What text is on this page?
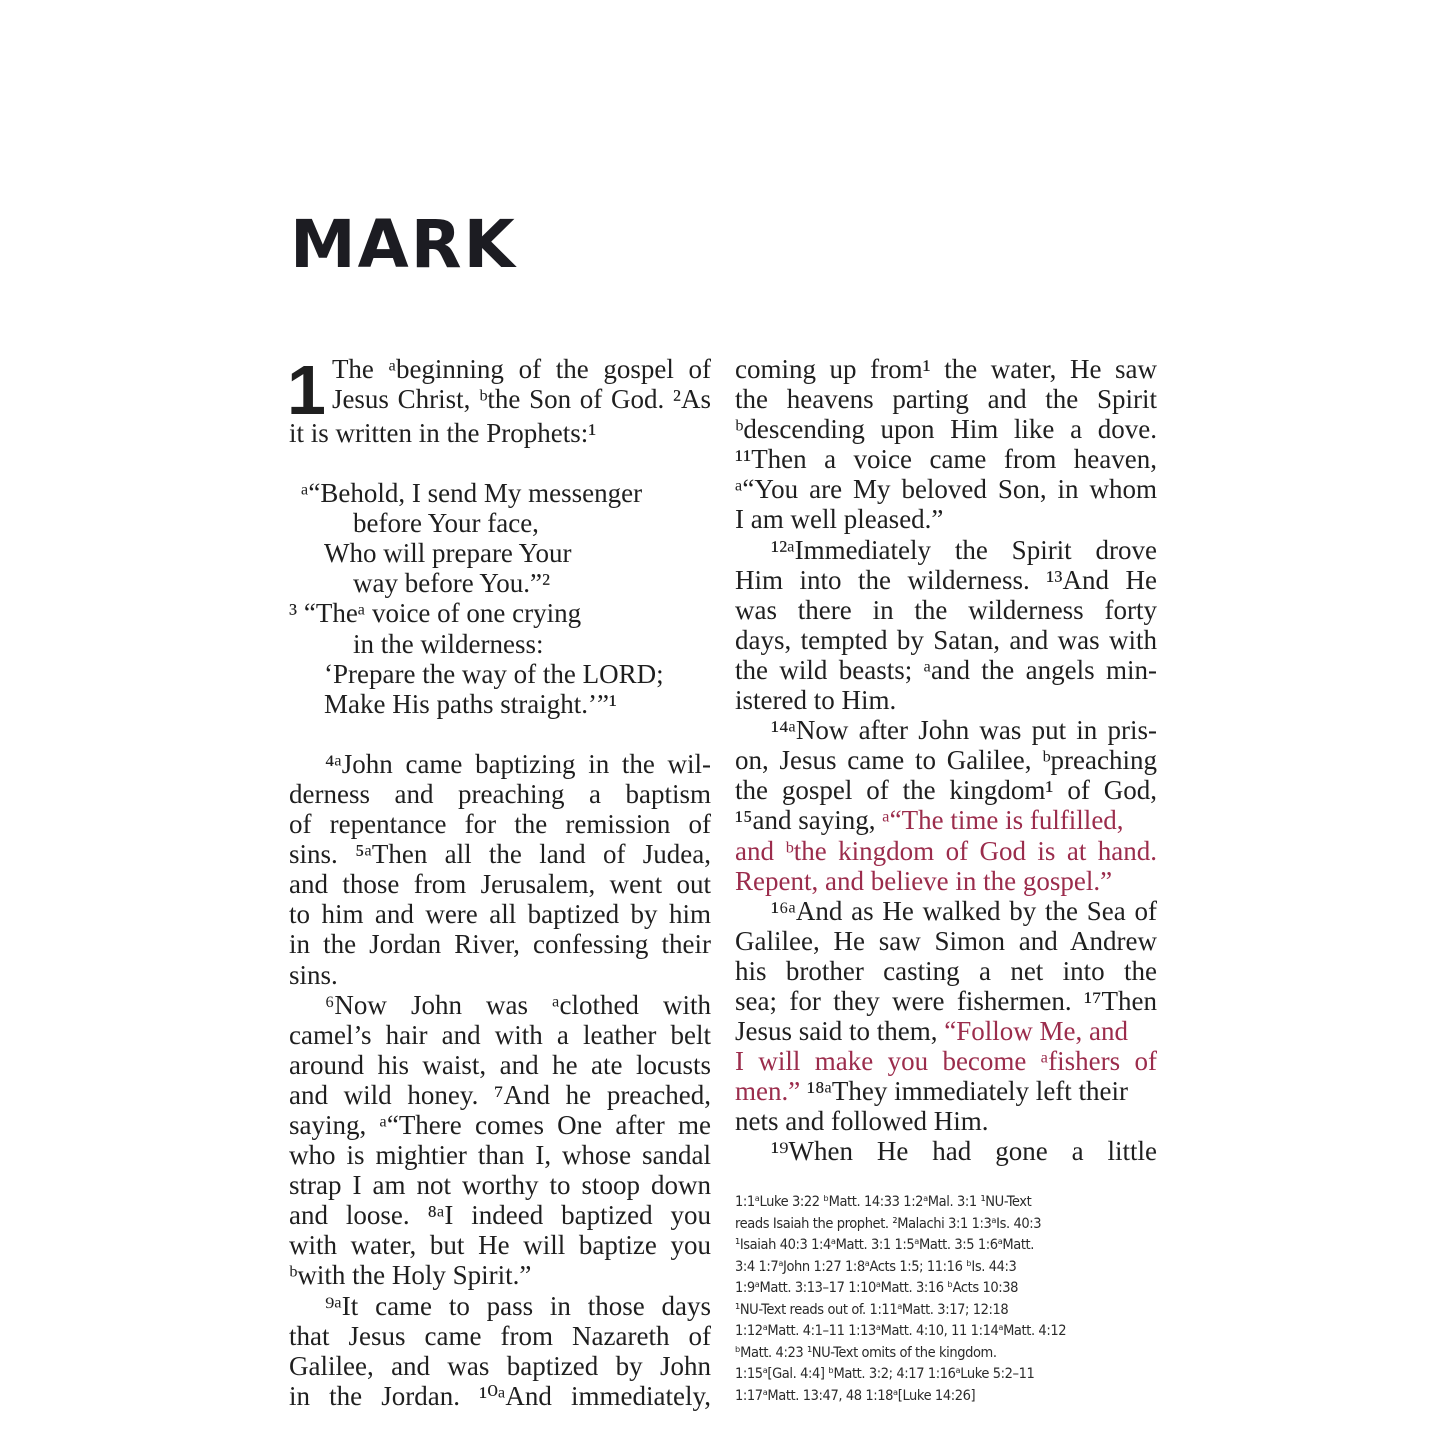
MARK
1 The ᵃbeginning of the gospel of
Jesus Christ, ᵇthe Son of God. ²As
it is written in the Prophets:¹
ᵃ“Behold, I send My messenger
before Your face,
Who will prepare Your
way before You.”²
³ “Theᵃ voice of one crying
in the wilderness:
‘Prepare the way of the LORD;
Make His paths straight.’”¹
⁴ᵃJohn came baptizing in the wil-
derness and preaching a baptism
of repentance for the remission of
sins. ⁵ᵃThen all the land of Judea,
and those from Jerusalem, went out
to him and were all baptized by him
in the Jordan River, confessing their
sins.
⁶Now John was ᵃclothed with
camel’s hair and with a leather belt
around his waist, and he ate locusts
and wild honey. ⁷And he preached,
saying, ᵃ“There comes One after me
who is mightier than I, whose sandal
strap I am not worthy to stoop down
and loose. ⁸ᵃI indeed baptized you
with water, but He will baptize you
ᵇwith the Holy Spirit.”
⁹ᵃIt came to pass in those days
that Jesus came from Nazareth of
Galilee, and was baptized by John
in the Jordan. ¹⁰ᵃAnd immediately,
coming up from¹ the water, He saw
the heavens parting and the Spirit
ᵇdescending upon Him like a dove.
¹¹Then a voice came from heaven,
ᵃ“You are My beloved Son, in whom
I am well pleased.”
¹²ᵃImmediately the Spirit drove
Him into the wilderness. ¹³And He
was there in the wilderness forty
days, tempted by Satan, and was with
the wild beasts; ᵃand the angels min-
istered to Him.
¹⁴ᵃNow after John was put in pris-
on, Jesus came to Galilee, ᵇpreaching
the gospel of the kingdom¹ of God,
¹⁵and saying, ᵃ“The time is fulfilled,
and ᵇthe kingdom of God is at hand.
Repent, and believe in the gospel.”
¹⁶ᵃAnd as He walked by the Sea of
Galilee, He saw Simon and Andrew
his brother casting a net into the
sea; for they were fishermen. ¹⁷Then
Jesus said to them, “Follow Me, and
I will make you become ᵃfishers of
men.” ¹⁸ᵃThey immediately left their
nets and followed Him.
¹⁹When He had gone a little
1:1ᵃLuke 3:22 ᵇMatt. 14:33 1:2ᵃMal. 3:1 ¹NU-Text
reads Isaiah the prophet. ²Malachi 3:1 1:3ᵃIs. 40:3
¹Isaiah 40:3 1:4ᵃMatt. 3:1 1:5ᵃMatt. 3:5 1:6ᵃMatt.
3:4 1:7ᵃJohn 1:27 1:8ᵃActs 1:5; 11:16 ᵇIs. 44:3
1:9ᵃMatt. 3:13–17 1:10ᵃMatt. 3:16 ᵇActs 10:38
¹NU-Text reads out of. 1:11ᵃMatt. 3:17; 12:18
1:12ᵃMatt. 4:1–11 1:13ᵃMatt. 4:10, 11 1:14ᵃMatt. 4:12
ᵇMatt. 4:23 ¹NU-Text omits of the kingdom.
1:15ᵃ[Gal. 4:4] ᵇMatt. 3:2; 4:17 1:16ᵃLuke 5:2–11
1:17ᵃMatt. 13:47, 48 1:18ᵃ[Luke 14:26]
